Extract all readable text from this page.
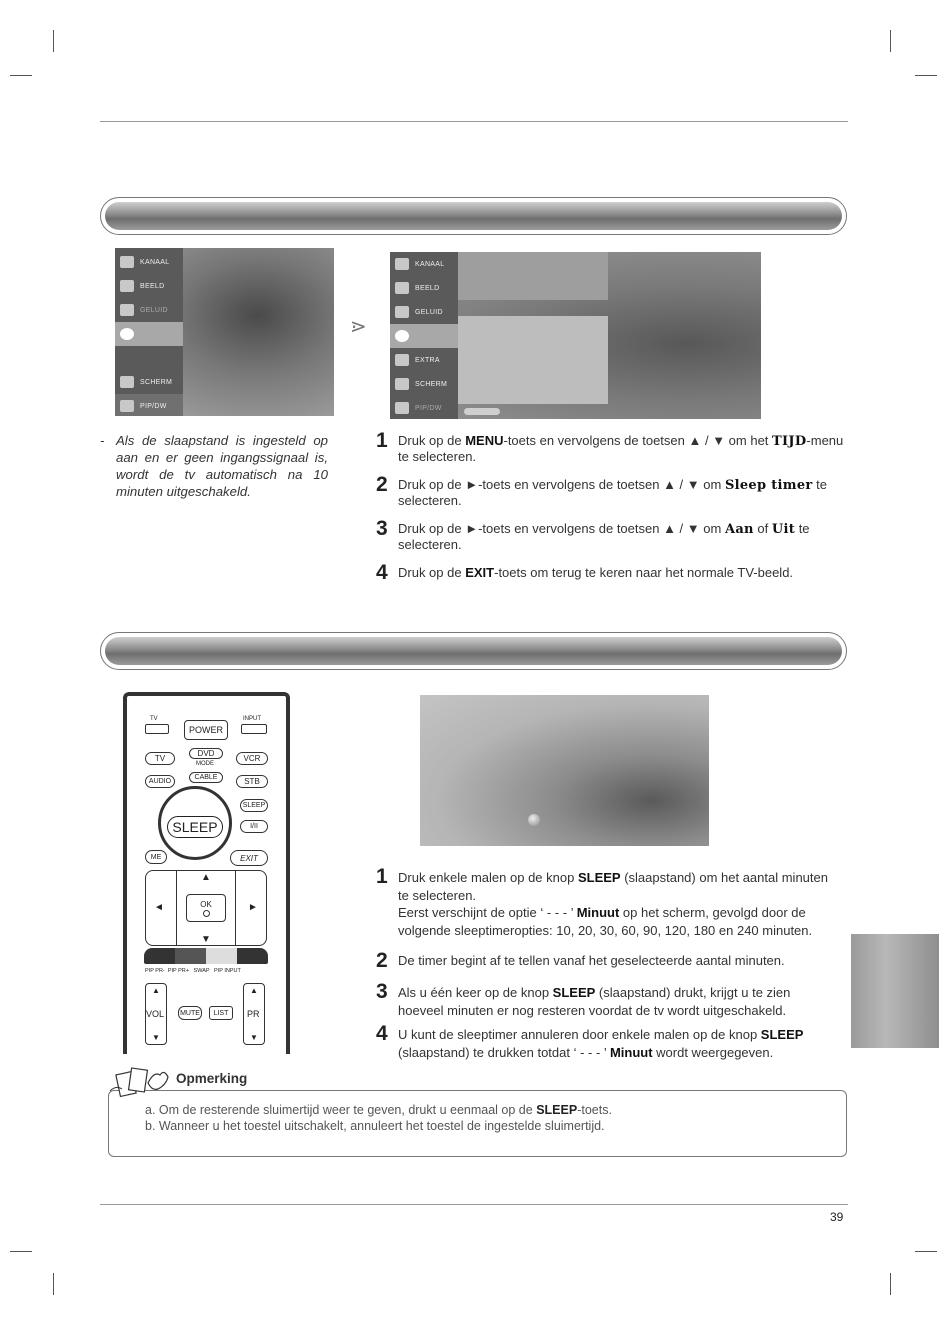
KANAAL
BEELD
GELUID
SCHERM
PIP/DW
⋗

KANAAL
BEELD
GELUID
EXTRA
SCHERM
PIP/DW
- Als de slaapstand is ingesteld op aan en er geen ingangssignaal is, wordt de tv automatisch na 10 minuten uitgeschakeld.
1 Druk op de MENU-toets en vervolgens de toetsen ▲ / ▼ om het TIJD-menu te selecteren.
2 Druk op de ►-toets en vervolgens de toetsen ▲ / ▼ om Sleep timer te selecteren.
3 Druk op de ►-toets en vervolgens de toetsen ▲ / ▼ om Aan of Uit te selecteren.
4 Druk op de EXIT-toets om terug te keren naar het normale TV-beeld.
TV	INPUT
POWER
TV
DVD
VCR
MODE
AUDIO
CABLE	STB
SLEEP
I/II
ME	EXIT
SLEEP
▲
▼
◄	►
OK
PIP PR-  PIP PR+   SWAP   PIP INPUT
▲
VOL
▼
MUTE	LIST
▲
PR
▼
1 Druk enkele malen op de knop SLEEP (slaapstand) om het aantal minuten te selecteren.
Eerst verschijnt de optie ‘ - - - ’ Minuut op het scherm, gevolgd door de volgende sleeptimeropties: 10, 20, 30, 60, 90, 120, 180 en 240 minuten.
2 De timer begint af te tellen vanaf het geselecteerde aantal minuten.
3 Als u één keer op de knop SLEEP (slaapstand) drukt, krijgt u te zien hoeveel minuten er nog resteren voordat de tv wordt uitgeschakeld.
4 U kunt de sleeptimer annuleren door enkele malen op de knop SLEEP (slaapstand) te drukken totdat ‘ - - - ’ Minuut wordt weergegeven.
a. Om de resterende sluimertijd weer te geven, drukt u eenmaal op de SLEEP-toets.
b. Wanneer u het toestel uitschakelt, annuleert het toestel de ingestelde sluimertijd.
Opmerking
39
